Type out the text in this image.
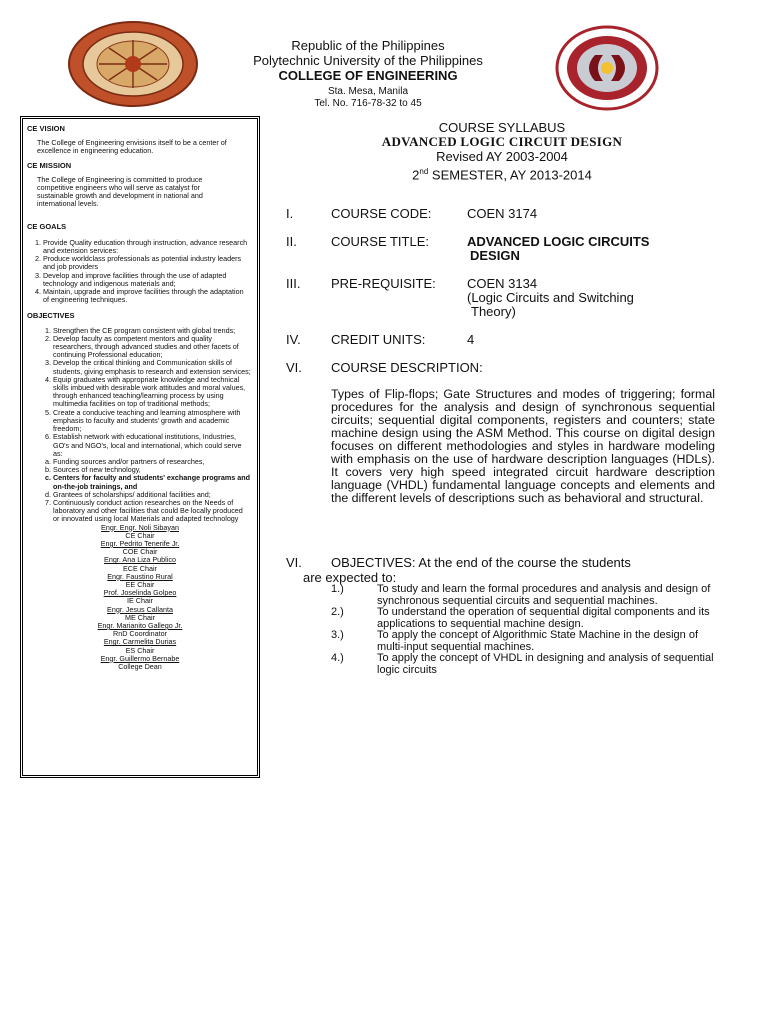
Republic of the Philippines
Polytechnic University of the Philippines
COLLEGE OF ENGINEERING
Sta. Mesa, Manila
Tel. No. 716-78-32 to 45
CE VISION
The College of Engineering envisions itself to be a center of excellence in engineering education.
CE MISSION
The College of Engineering is committed to produce competitive engineers who will serve as catalyst for sustainable growth and development in national and international levels.
CE GOALS
1. Provide Quality education through instruction, advance research and extension services:
2. Produce worldclass professionals as potential industry leaders and job providers
3. Develop and improve facilities through the use of adapted technology and indigenous materials and;
4. Maintain, upgrade and improve facilities through the adaptation of engineering techniques.
OBJECTIVES
1. Strengthen the CE program consistent with global trends;
2. Develop faculty as competent mentors and quality researchers, through advanced studies and other facets of continuing Professional education;
3. Develop the critical thinking and Communication skills of students, giving emphasis to research and extension services;
4. Equip graduates with appropriate knowledge and technical skills imbued with desirable work attitudes and moral values, through enhanced teaching/learning process by using multimedia facilities on top of traditional methods;
5. Create a conducive teaching and learning atmosphere with emphasis to faculty and students' growth and academic freedom;
6. Establish network with educational institutions, Industries, GO's and NGO's, local and international, which could serve as:
a. Funding sources and/or partners of researches,
b. Sources of new technology,
c. Centers for faculty and students' exchange programs and on-the-job trainings, and
d. Grantees of scholarships/ additional facilities and;
7. Continuously conduct action researches on the Needs of laboratory and other facilities that could Be locally produced or innovated using local Materials and adapted technology
Engr. Engr. Noli Sibayan
CE Chair
Engr. Pedrito Tenerife Jr.
COE Chair
Engr. Ana Liza Publico
ECE Chair
Engr. Faustino Rural
EE Chair
Prof. Joselinda Golpeo
IE Chair
Engr. Jesus Callanta
ME Chair
Engr. Marianito Gallego Jr.
RnD Coordinator
Engr. Carmelita Durias
ES Chair
Engr. Guillermo Bernabe
College Dean
COURSE SYLLABUS
ADVANCED LOGIC CIRCUIT DESIGN
Revised AY 2003-2004
2nd SEMESTER, AY 2013-2014
I.	COURSE CODE:	COEN 3174
II.	COURSE TITLE:	ADVANCED LOGIC CIRCUITS
DESIGN
III.	PRE-REQUISITE:	COEN 3134
(Logic Circuits and Switching
Theory)
IV.	CREDIT UNITS:	4
VI.	COURSE DESCRIPTION:
Types of Flip-flops; Gate Structures and modes of triggering; formal procedures for the analysis and design of synchronous sequential circuits; sequential digital components, registers and counters; state machine design using the ASM Method. This course on digital design focuses on different methodologies and styles in hardware modeling with emphasis on the use of hardware description languages (HDLs). It covers very high speed integrated circuit hardware description language (VHDL) fundamental language concepts and elements and the different levels of descriptions such as behavioral and structural.
VI. OBJECTIVES: At the end of the course the students
are expected to:
1.)	To study and learn the formal procedures and analysis and design of synchronous sequential circuits and sequential machines.
2.)	To understand the operation of sequential digital components and its applications to sequential machine design.
3.)	To apply the concept of Algorithmic State Machine in the design of multi-input sequential machines.
4.)	To apply the concept of VHDL in designing and analysis of sequential logic circuits
